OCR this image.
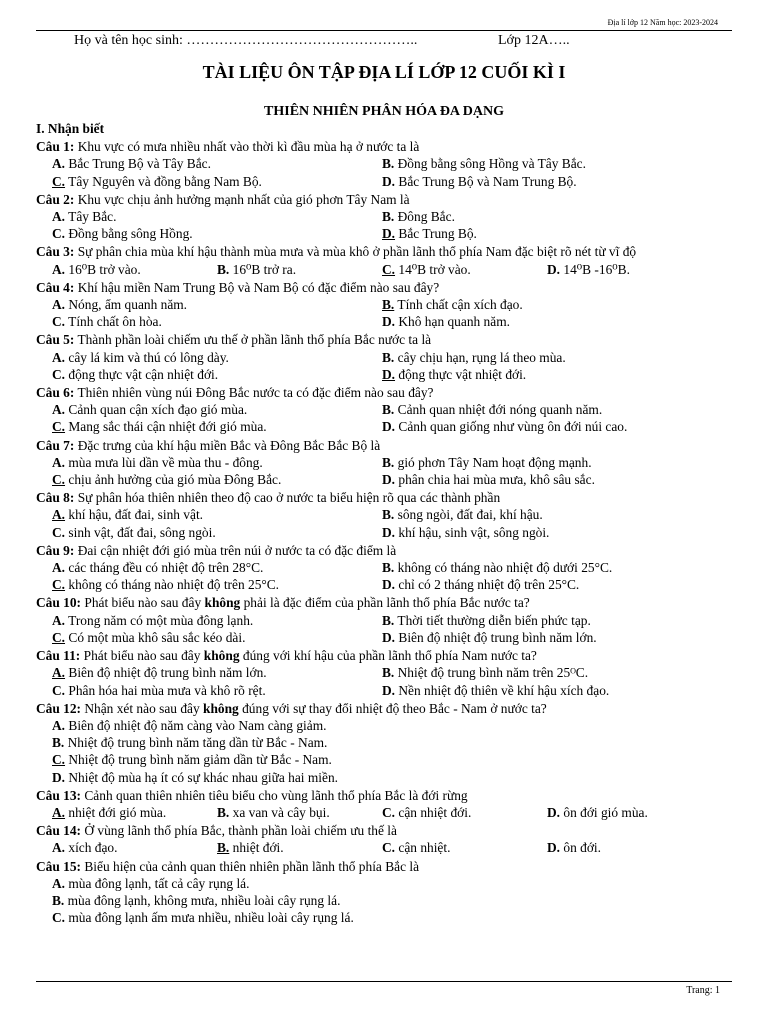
Địa lí lớp 12 Năm học: 2023-2024
Họ và tên học sinh: …………………………………………..	Lớp 12A…..
TÀI LIỆU ÔN TẬP ĐỊA LÍ LỚP 12 CUỐI KÌ I
THIÊN NHIÊN PHÂN HÓA ĐA DẠNG
I. Nhận biết
Câu 1: Khu vực có mưa nhiều nhất vào thời kì đầu mùa hạ ở nước ta là
A. Bắc Trung Bộ và Tây Bắc.	B. Đồng bằng sông Hồng và Tây Bắc.
C. Tây Nguyên và đồng bằng Nam Bộ.	D. Bắc Trung Bộ và Nam Trung Bộ.
Câu 2: Khu vực chịu ảnh hưởng mạnh nhất của gió phơn Tây Nam là
A. Tây Bắc.	B. Đông Bắc.
C. Đồng bằng sông Hồng.	D. Bắc Trung Bộ.
Câu 3: Sự phân chia mùa khí hậu thành mùa mưa và mùa khô ở phần lãnh thổ phía Nam đặc biệt rõ nét từ vĩ độ
A. 16⁰B trở vào.	B. 16⁰B trở ra.	C. 14⁰B trở vào.	D. 14⁰B -16⁰B.
Câu 4: Khí hậu miền Nam Trung Bộ và Nam Bộ có đặc điểm nào sau đây?
A. Nóng, ẩm quanh năm.	B. Tính chất cận xích đạo.
C. Tính chất ôn hòa.	D. Khô hạn quanh năm.
Câu 5: Thành phần loài chiếm ưu thế ở phần lãnh thổ phía Bắc nước ta là
A. cây lá kim và thú có lông dày.	B. cây chịu hạn, rụng lá theo mùa.
C. động thực vật cận nhiệt đới.	D. động thực vật nhiệt đới.
Câu 6: Thiên nhiên vùng núi Đông Bắc nước ta có đặc điểm nào sau đây?
A. Cảnh quan cận xích đạo gió mùa.	B. Cảnh quan nhiệt đới nóng quanh năm.
C. Mang sắc thái cận nhiệt đới gió mùa.	D. Cảnh quan giống như vùng ôn đới núi cao.
Câu 7: Đặc trưng của khí hậu miền Bắc và Đông Bắc Bắc Bộ là
A. mùa mưa lùi dần về mùa thu - đông.	B. gió phơn Tây Nam hoạt động mạnh.
C. chịu ảnh hưởng của gió mùa Đông Bắc.	D. phân chia hai mùa mưa, khô sâu sắc.
Câu 8: Sự phân hóa thiên nhiên theo độ cao ở nước ta biểu hiện rõ qua các thành phần
A. khí hậu, đất đai, sinh vật.	B. sông ngòi, đất đai, khí hậu.
C. sinh vật, đất đai, sông ngòi.	D. khí hậu, sinh vật, sông ngòi.
Câu 9: Đai cận nhiệt đới gió mùa trên núi ở nước ta có đặc điểm là
A. các tháng đều có nhiệt độ trên 28°C.	B. không có tháng nào nhiệt độ dưới 25°C.
C. không có tháng nào nhiệt độ trên 25°C.	D. chỉ có 2 tháng nhiệt độ trên 25°C.
Câu 10: Phát biểu nào sau đây không phải là đặc điểm của phần lãnh thổ phía Bắc nước ta?
A. Trong năm có một mùa đông lạnh.	B. Thời tiết thường diễn biến phức tạp.
C. Có một mùa khô sâu sắc kéo dài.	D. Biên độ nhiệt độ trung bình năm lớn.
Câu 11: Phát biểu nào sau đây không đúng với khí hậu của phần lãnh thổ phía Nam nước ta?
A. Biên độ nhiệt độ trung bình năm lớn.	B. Nhiệt độ trung bình năm trên 25ᴼC.
C. Phân hóa hai mùa mưa và khô rõ rệt.	D. Nền nhiệt độ thiên về khí hậu xích đạo.
Câu 12: Nhận xét nào sau đây không đúng với sự thay đổi nhiệt độ theo Bắc - Nam ở nước ta?
A. Biên độ nhiệt độ năm càng vào Nam càng giảm.
B. Nhiệt độ trung bình năm tăng dần từ Bắc - Nam.
C. Nhiệt độ trung bình năm giảm dần từ Bắc - Nam.
D. Nhiệt độ mùa hạ ít có sự khác nhau giữa hai miền.
Câu 13: Cảnh quan thiên nhiên tiêu biểu cho vùng lãnh thổ phía Bắc là đới rừng
A. nhiệt đới gió mùa.	B. xa van và cây bụi.	C. cận nhiệt đới.	D. ôn đới gió mùa.
Câu 14: Ở vùng lãnh thổ phía Bắc, thành phần loài chiếm ưu thế là
A. xích đạo.	B. nhiệt đới.	C. cận nhiệt.	D. ôn đới.
Câu 15: Biểu hiện của cảnh quan thiên nhiên phần lãnh thổ phía Bắc là
A. mùa đông lạnh, tất cả cây rụng lá.
B. mùa đông lạnh, không mưa, nhiều loài cây rụng lá.
C. mùa đông lạnh ấm mưa nhiều, nhiều loài cây rụng lá.
Trang: 1
